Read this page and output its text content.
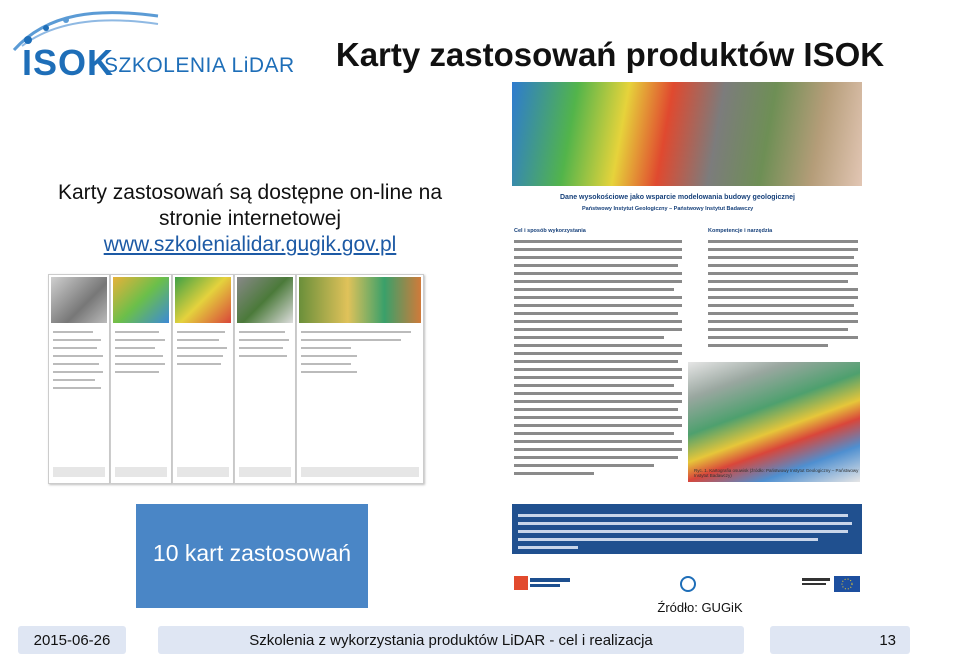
ISOK
SZKOLENIA LiDAR	Karty zastosowań produktów ISOK
Karty zastosowań są dostępne on-line na
stronie internetowej
www.szkolenialidar.gugik.gov.pl
Dane wysokościowe jako wsparcie modelowania budowy geologicznej
Państwowy Instytut Geologiczny – Państwowy Instytut Badawczy
Cel i sposób wykorzystania	Kompetencje i narzędzia
Ryc. 1. Kartografia osuwisk (źródło: Państwowy Instytut Geologiczny – Państwowy Instytut Badawczy)
10 kart zastosowań
Źródło: GUGiK
2015-06-26	Szkolenia z wykorzystania produktów LiDAR - cel i realizacja	13
